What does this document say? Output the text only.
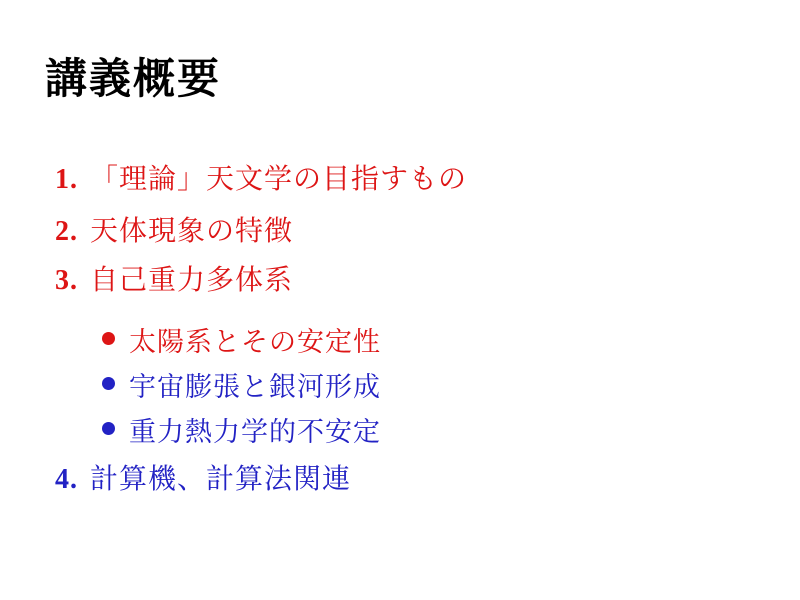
講義概要
1. 「理論」天文学の目指すもの
2. 天体現象の特徴
3. 自己重力多体系
太陽系とその安定性
宇宙膨張と銀河形成
重力熱力学的不安定
4. 計算機、計算法関連
